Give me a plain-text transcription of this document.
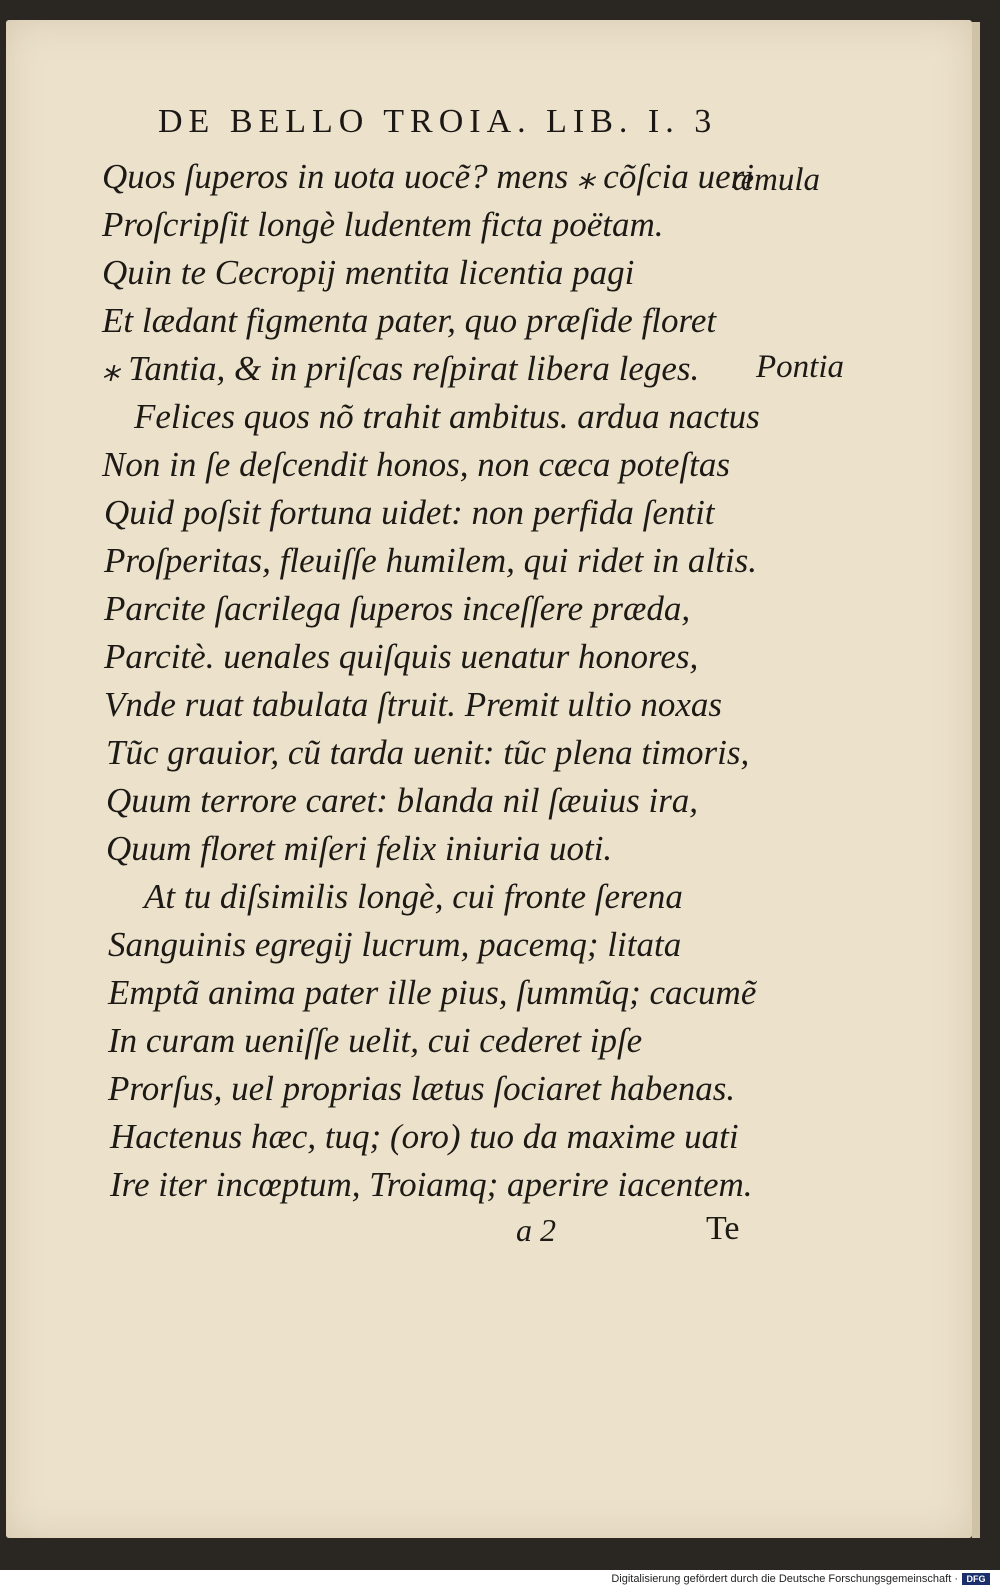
DE BELLO TROIA. LIB. I. 3
Quos ſuperos in uota uocẽ? mens ⁎ cõſcia ueri
Proſcripſit longè ludentem ficta poëtam.
Quin te Cecropij mentita licentia pagi
Et lædant figmenta pater, quo præſide floret
⁎ Tantia, & in priſcas reſpirat libera leges.
Felices quos nõ trahit ambitus. ardua nactus
Non in ſe deſcendit honos, non cæca poteſtas
Quid poſsit fortuna uidet: non perfida ſentit
Proſperitas, fleuiſſe humilem, qui ridet in altis.
Parcite ſacrilega ſuperos inceſſere præda,
Parcitè. uenales quiſquis uenatur honores,
Vnde ruat tabulata ſtruit. Premit ultio noxas
Tũc grauior, cũ tarda uenit: tũc plena timoris,
Quum terrore caret: blanda nil ſæuius ira,
Quum floret miſeri felix iniuria uoti.
At tu diſsimilis longè, cui fronte ſerena
Sanguinis egregij lucrum, pacemq; litata
Emptã anima pater ille pius, ſummũq; cacumẽ
In curam ueniſſe uelit, cui cederet ipſe
Prorſus, uel proprias lætus ſociaret habenas.
Hactenus hæc, tuq; (oro) tuo da maxime uati
Ire iter incœptum, Troiamq; aperire iacentem.
æmula
Pontia
a 2	Te
Digitalisierung gefördert durch die Deutsche Forschungsgemeinschaft · DFG
